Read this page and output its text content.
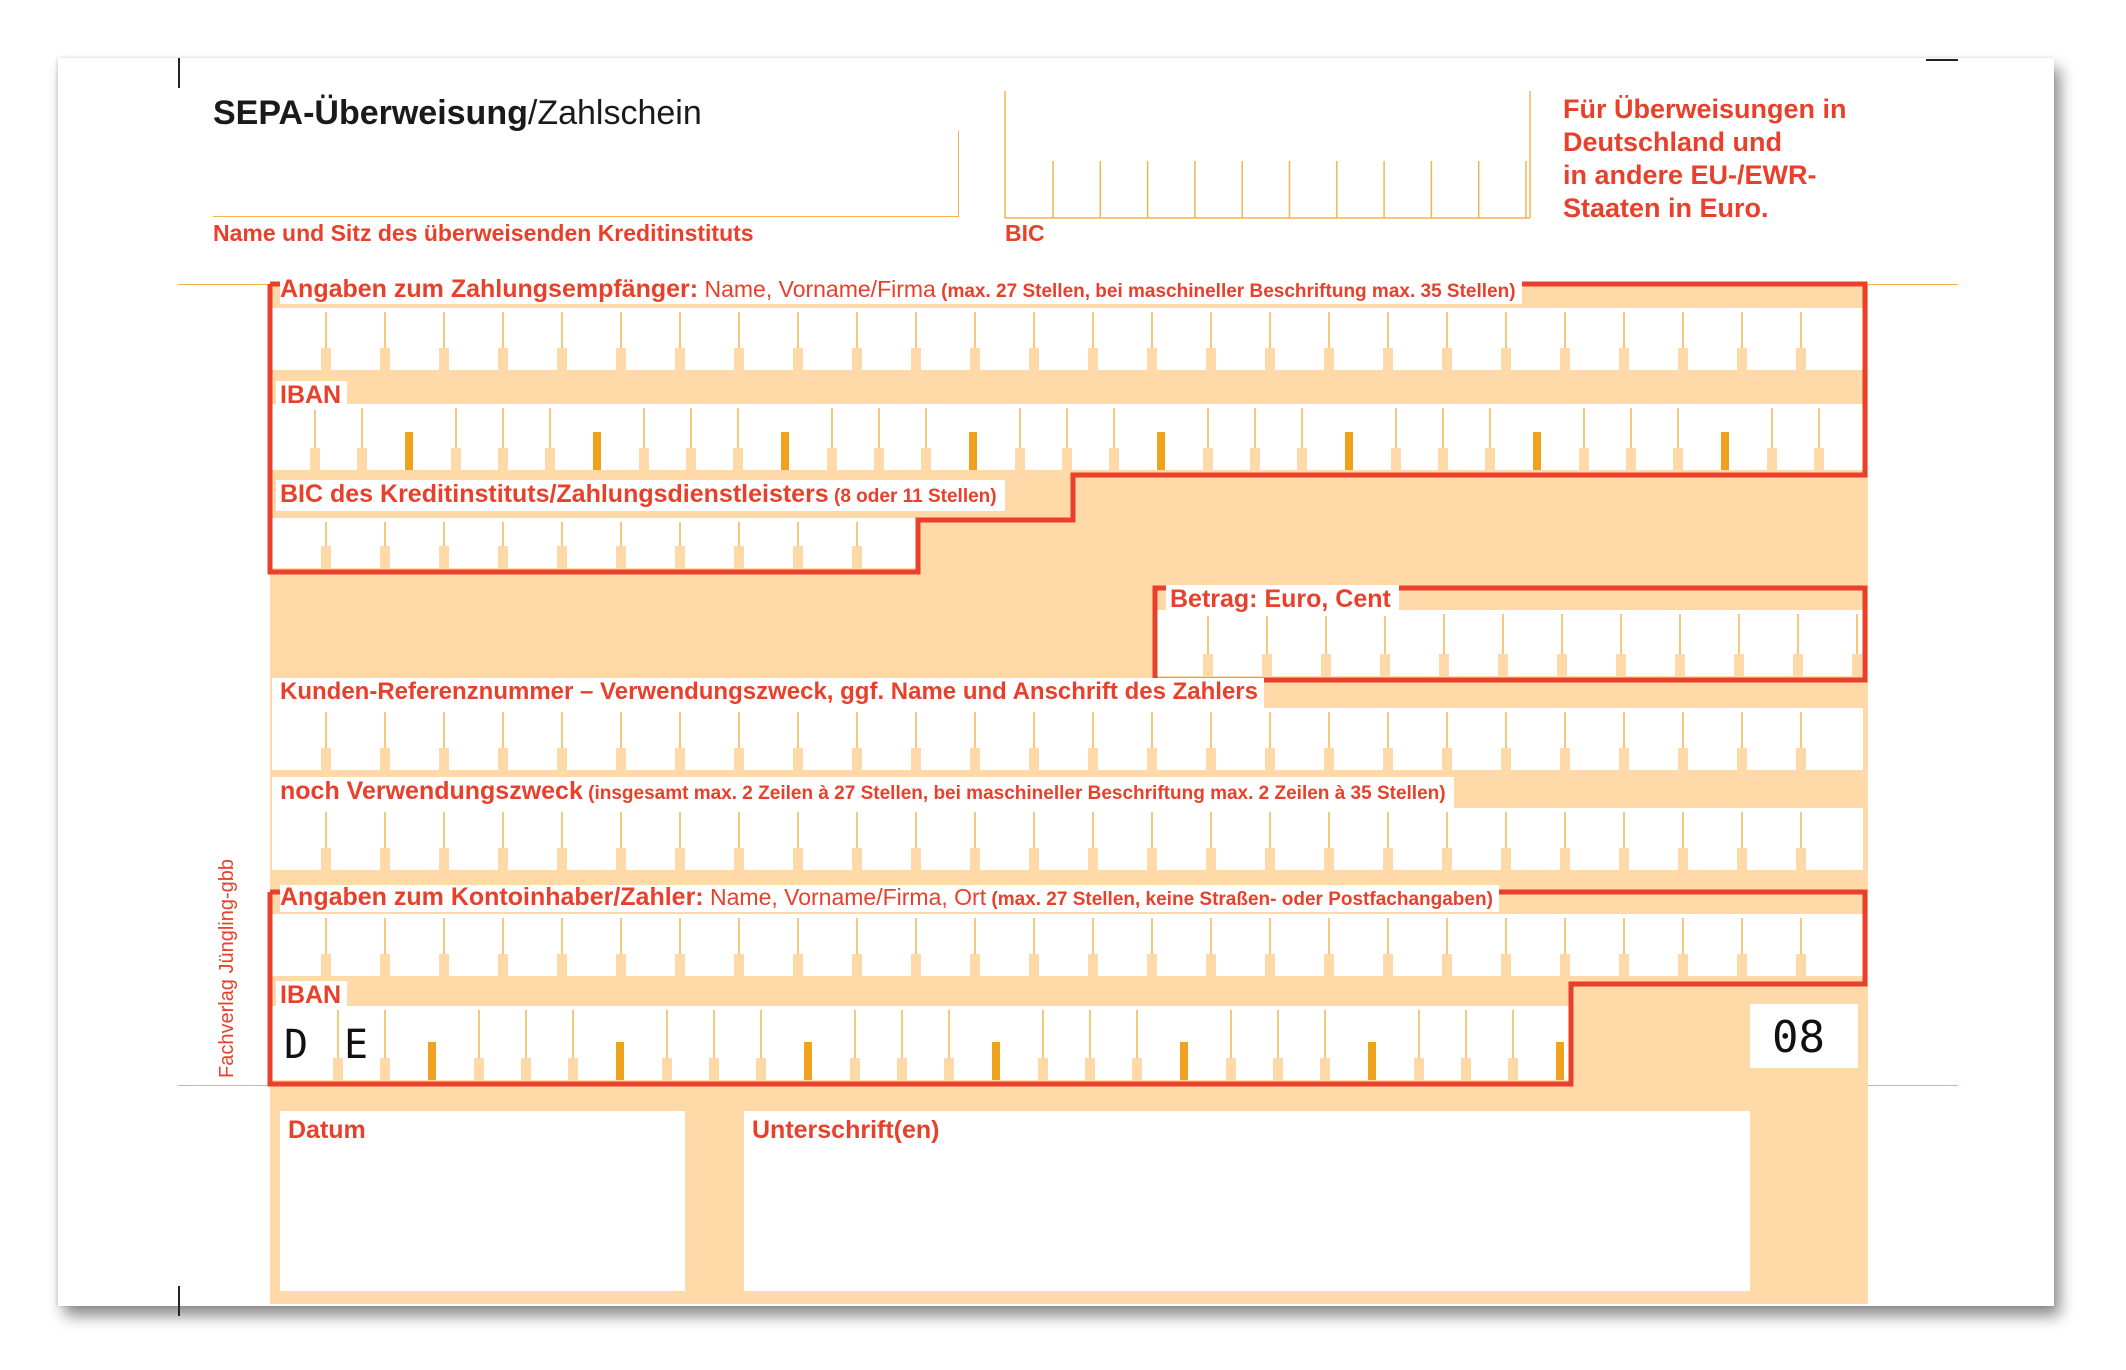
SEPA-Überweisung/Zahlschein
Name und Sitz des überweisenden Kreditinstituts	BIC
Für Überweisungen in
Deutschland und
in andere EU-/EWR-
Staaten in Euro.
Angaben zum Zahlungsempfänger: Name, Vorname/Firma (max. 27 Stellen, bei maschineller Beschriftung max. 35 Stellen)
IBAN
BIC des Kreditinstituts/Zahlungsdienstleisters (8 oder 11 Stellen)
Betrag: Euro, Cent
Kunden-Referenznummer – Verwendungszweck, ggf. Name und Anschrift des Zahlers
noch Verwendungszweck (insgesamt max. 2 Zeilen à 27 Stellen, bei maschineller Beschriftung max. 2 Zeilen à 35 Stellen)
Angaben zum Kontoinhaber/Zahler: Name, Vorname/Firma, Ort (max. 27 Stellen, keine Straßen- oder Postfachangaben)
IBAN
D E	08
Datum	Unterschrift(en)
Fachverlag Jüngling-gbb
